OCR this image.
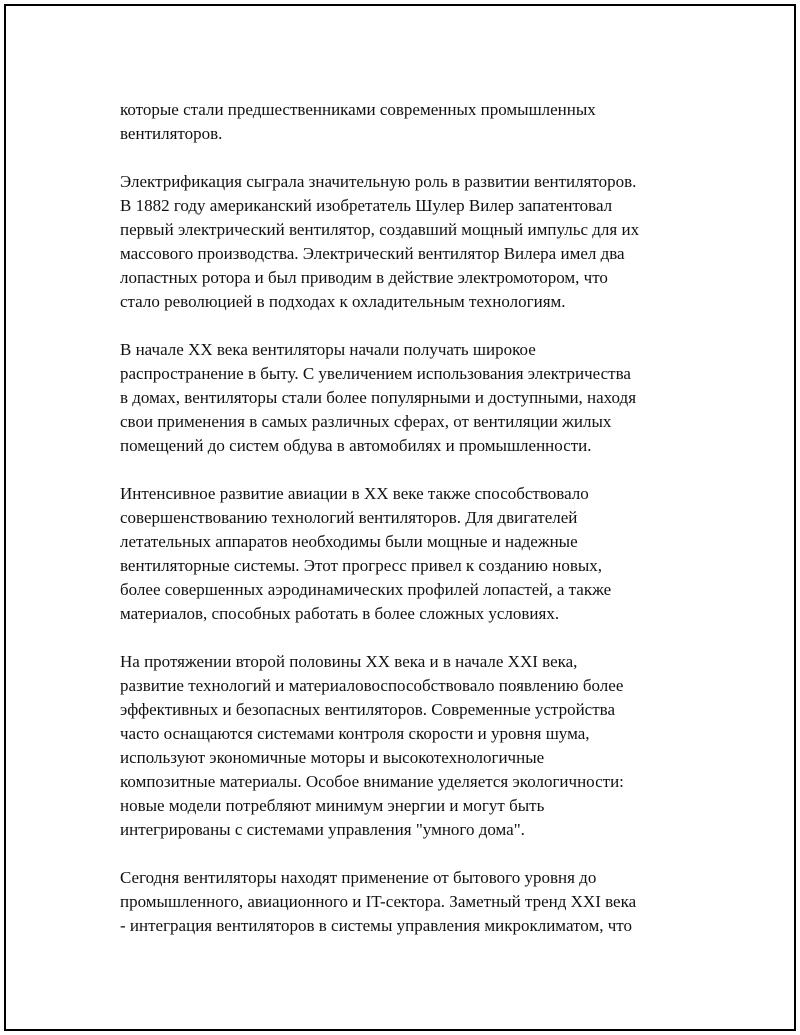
которые стали предшественниками современных промышленных
вентиляторов.

Электрификация сыграла значительную роль в развитии вентиляторов.
В 1882 году американский изобретатель Шулер Вилер запатентовал
первый электрический вентилятор, создавший мощный импульс для их
массового производства. Электрический вентилятор Вилера имел два
лопастных ротора и был приводим в действие электромотором, что
стало революцией в подходах к охладительным технологиям.

В начале XX века вентиляторы начали получать широкое
распространение в быту. С увеличением использования электричества
в домах, вентиляторы стали более популярными и доступными, находя
свои применения в самых различных сферах, от вентиляции жилых
помещений до систем обдува в автомобилях и промышленности.

Интенсивное развитие авиации в XX веке также способствовало
совершенствованию технологий вентиляторов. Для двигателей
летательных аппаратов необходимы были мощные и надежные
вентиляторные системы. Этот прогресс привел к созданию новых,
более совершенных аэродинамических профилей лопастей, а также
материалов, способных работать в более сложных условиях.

На протяжении второй половины XX века и в начале XXI века,
развитие технологий и материаловоспособствовало появлению более
эффективных и безопасных вентиляторов. Современные устройства
часто оснащаются системами контроля скорости и уровня шума,
используют экономичные моторы и высокотехнологичные
композитные материалы. Особое внимание уделяется экологичности:
новые модели потребляют минимум энергии и могут быть
интегрированы с системами управления "умного дома".

Сегодня вентиляторы находят применение от бытового уровня до
промышленного, авиационного и IT-сектора. Заметный тренд XXI века
- интеграция вентиляторов в системы управления микроклиматом, что
